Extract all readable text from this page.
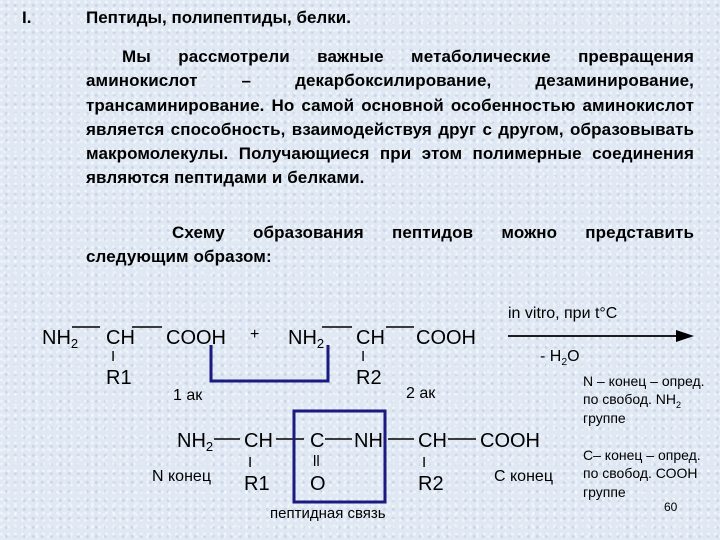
I.	Пептиды, полипептиды, белки.
Мы рассмотрели важные метаболические превращения аминокислот – декарбоксилирование, дезаминирование, трансаминирование. Но самой основной особенностью аминокислот является способность, взаимодействуя друг с другом, образовывать макромолекулы. Получающиеся при этом полимерные соединения являются пептидами и белками.
Схему образования пептидов можно представить следующим образом:
in vitro, при t°C
- $H_2O$
$NH_2$ CH COOH
I
R1
1 ак
+ $NH_2$ CH COOH
I
R2
2 ак
$NH_2$ CH C NH CH COOH
I	ll	I
R1 O	R2
N конец	С конец
пептидная связь
N – конец – опред. по свобод. $NH_2$ группе
С– конец – опред. по свобод. СООН группе
60
